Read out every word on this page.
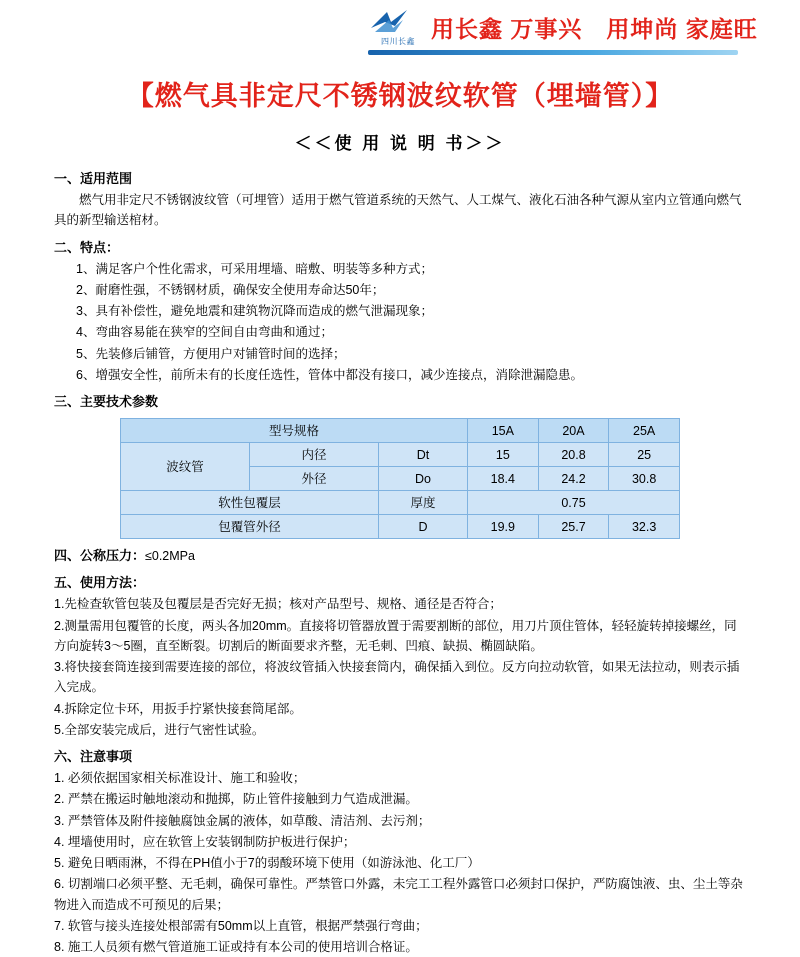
四川长鑫 用长鑫 万事兴　用坤尚 家庭旺
【燃气具非定尺不锈钢波纹软管（埋墙管）】
＜＜使 用 说 明 书＞＞
一、适用范围
燃气用非定尺不锈钢波纹管（可埋管）适用于燃气管道系统的天然气、人工煤气、液化石油各种气源从室内立管通向燃气具的新型输送棺材。
二、特点：
1、满足客户个性化需求，可采用埋墙、暗敷、明装等多种方式；
2、耐磨性强，不锈钢材质，确保安全使用寿命达50年；
3、具有补偿性，避免地震和建筑物沉降而造成的燃气泄漏现象；
4、弯曲容易能在狭窄的空间自由弯曲和通过；
5、先装修后铺管，方便用户对铺管时间的选择；
6、增强安全性，前所未有的长度任选性，管体中都没有接口，减少连接点，消除泄漏隐患。
三、主要技术参数
型号规格			15A	20A	25A
波纹管	内径	Dt	15	20.8	25
	外径	Do	18.4	24.2	30.8
软性包覆层		厚度	0.75		
包覆管外径		D	19.9	25.7	32.3
四、公称压力：≤0.2MPa
五、使用方法：
1.先检查软管包装及包覆层是否完好无损；核对产品型号、规格、通径是否符合；
2.测量需用包覆管的长度，两头各加20mm。直接将切管器放置于需要割断的部位，用刀片顶住管体，轻轻旋转掉接螺丝，同方向旋转3～5圈，直至断裂。切割后的断面要求齐整，无毛刺、凹痕、缺损、椭圆缺陷。
3.将快接套筒连接到需要连接的部位，将波纹管插入快接套筒内，确保插入到位。反方向拉动软管，如果无法拉动，则表示插入完成。
4.拆除定位卡环，用扳手拧紧快接套筒尾部。
5.全部安装完成后，进行气密性试验。
六、注意事项
1. 必须依据国家相关标准设计、施工和验收；
2. 严禁在搬运时触地滚动和抛掷，防止管件接触到力气造成泄漏。
3. 严禁管体及附件接触腐蚀金属的液体，如草酸、清洁剂、去污剂；
4. 埋墙使用时，应在软管上安装钢制防护板进行保护；
5. 避免日晒雨淋，不得在PH值小于7的弱酸环境下使用（如游泳池、化工厂）
6. 切割端口必须平整、无毛刺，确保可靠性。严禁管口外露，未完工工程外露管口必须封口保护，严防腐蚀液、虫、尘土等杂物进入而造成不可预见的后果；
7. 软管与接头连接处根部需有50mm以上直管，根据严禁强行弯曲；
8. 施工人员须有燃气管道施工证或持有本公司的使用培训合格证。
